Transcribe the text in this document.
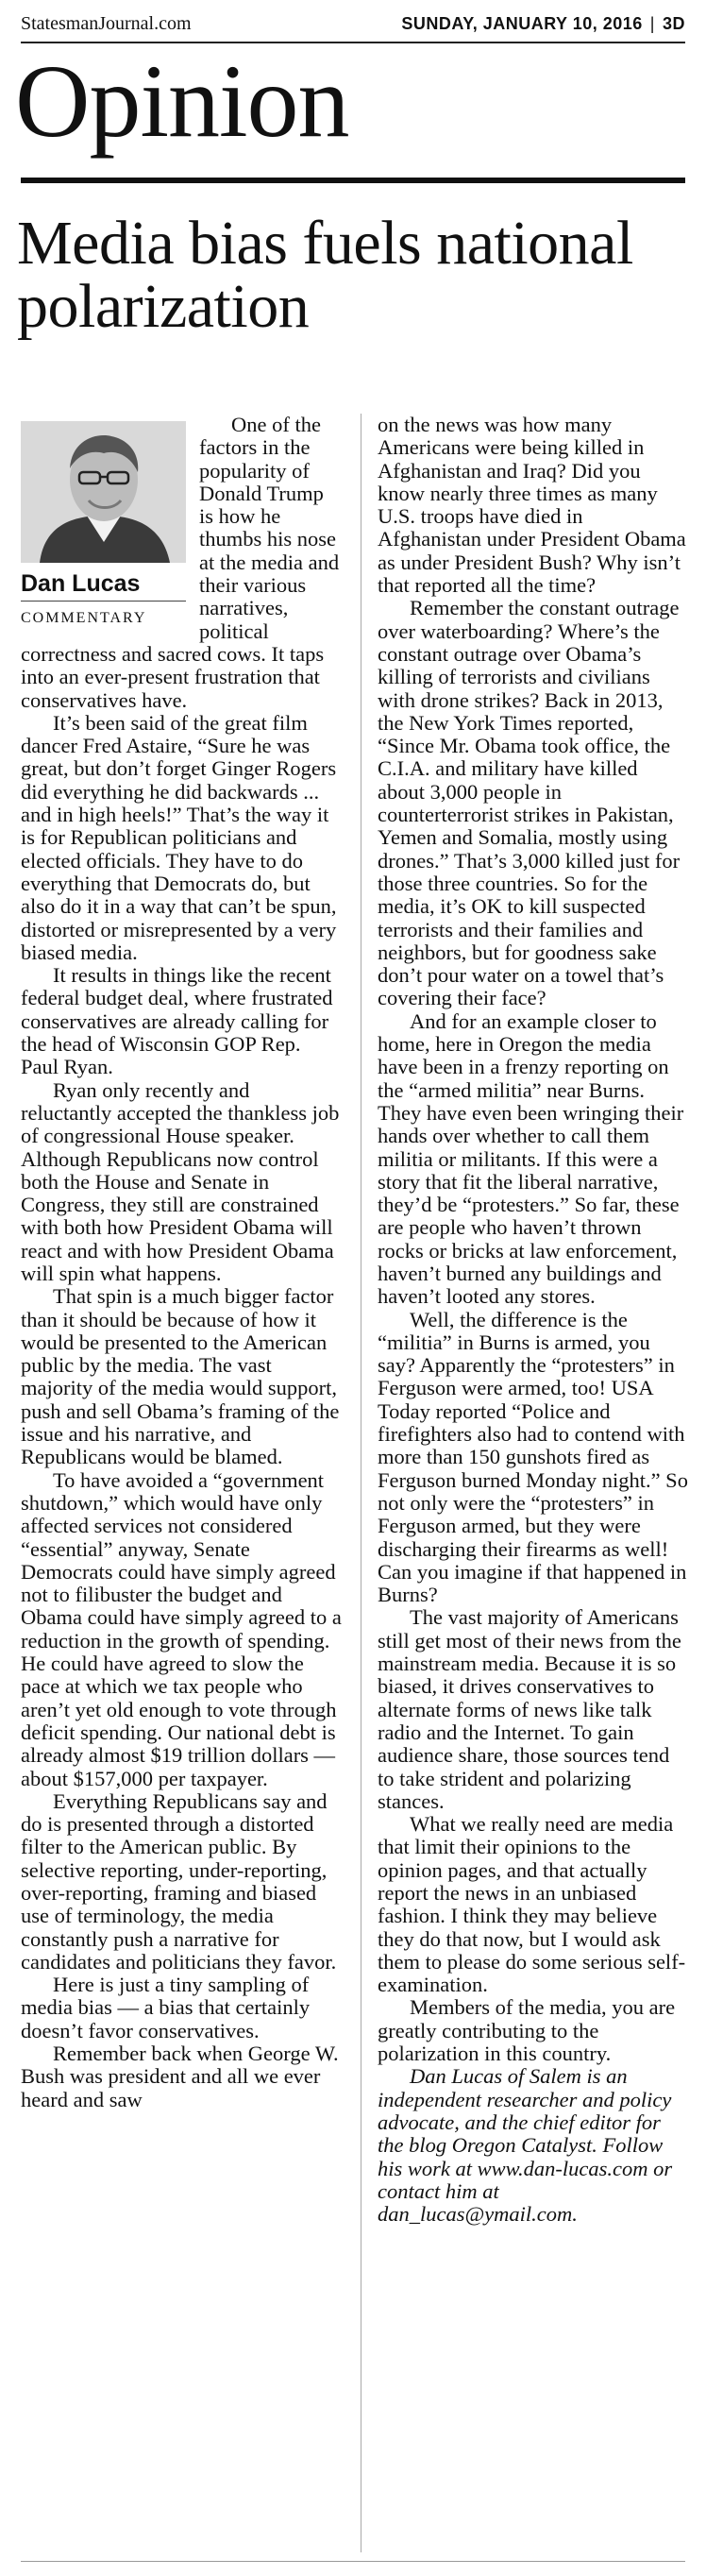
StatesmanJournal.com	SUNDAY, JANUARY 10, 2016 | 3D
Opinion
Media bias fuels national polarization
Dan Lucas
COMMENTARY

One of the factors in the popularity of Donald Trump is how he thumbs his nose at the media and their various narratives, political correctness and sacred cows. It taps into an ever-present frustration that conservatives have.

It’s been said of the great film dancer Fred Astaire, “Sure he was great, but don’t forget Ginger Rogers did everything he did backwards ... and in high heels!” That’s the way it is for Republican politicians and elected officials. They have to do everything that Democrats do, but also do it in a way that can’t be spun, distorted or misrepresented by a very biased media.

It results in things like the recent federal budget deal, where frustrated conservatives are already calling for the head of Wisconsin GOP Rep. Paul Ryan.

Ryan only recently and reluctantly accepted the thankless job of congressional House speaker. Although Republicans now control both the House and Senate in Congress, they still are constrained with both how President Obama will react and with how President Obama will spin what happens.

That spin is a much bigger factor than it should be because of how it would be presented to the American public by the media. The vast majority of the media would support, push and sell Obama’s framing of the issue and his narrative, and Republicans would be blamed.

To have avoided a “government shutdown,” which would have only affected services not considered “essential” anyway, Senate Democrats could have simply agreed not to filibuster the budget and Obama could have simply agreed to a reduction in the growth of spending. He could have agreed to slow the pace at which we tax people who aren’t yet old enough to vote through deficit spending. Our national debt is already almost $19 trillion dollars — about $157,000 per taxpayer.

Everything Republicans say and do is presented through a distorted filter to the American public. By selective reporting, under-reporting, over-reporting, framing and biased use of terminology, the media constantly push a narrative for candidates and politicians they favor.

Here is just a tiny sampling of media bias — a bias that certainly doesn’t favor conservatives.

Remember back when George W. Bush was president and all we ever heard and saw

on the news was how many Americans were being killed in Afghanistan and Iraq? Did you know nearly three times as many U.S. troops have died in Afghanistan under President Obama as under President Bush? Why isn’t that reported all the time?

Remember the constant outrage over waterboarding? Where’s the constant outrage over Obama’s killing of terrorists and civilians with drone strikes? Back in 2013, the New York Times reported, “Since Mr. Obama took office, the C.I.A. and military have killed about 3,000 people in counterterrorist strikes in Pakistan, Yemen and Somalia, mostly using drones.” That’s 3,000 killed just for those three countries. So for the media, it’s OK to kill suspected terrorists and their families and neighbors, but for goodness sake don’t pour water on a towel that’s covering their face?

And for an example closer to home, here in Oregon the media have been in a frenzy reporting on the “armed militia” near Burns. They have even been wringing their hands over whether to call them militia or militants. If this were a story that fit the liberal narrative, they’d be “protesters.” So far, these are people who haven’t thrown rocks or bricks at law enforcement, haven’t burned any buildings and haven’t looted any stores.

Well, the difference is the “militia” in Burns is armed, you say? Apparently the “protesters” in Ferguson were armed, too! USA Today reported “Police and firefighters also had to contend with more than 150 gunshots fired as Ferguson burned Monday night.” So not only were the “protesters” in Ferguson armed, but they were discharging their firearms as well! Can you imagine if that happened in Burns?

The vast majority of Americans still get most of their news from the mainstream media. Because it is so biased, it drives conservatives to alternate forms of news like talk radio and the Internet. To gain audience share, those sources tend to take strident and polarizing stances.

What we really need are media that limit their opinions to the opinion pages, and that actually report the news in an unbiased fashion. I think they may believe they do that now, but I would ask them to please do some serious self-examination.

Members of the media, you are greatly contributing to the polarization in this country.

Dan Lucas of Salem is an independent researcher and policy advocate, and the chief editor for the blog Oregon Catalyst. Follow his work at www.dan-lucas.com or contact him at dan_lucas@ymail.com.
